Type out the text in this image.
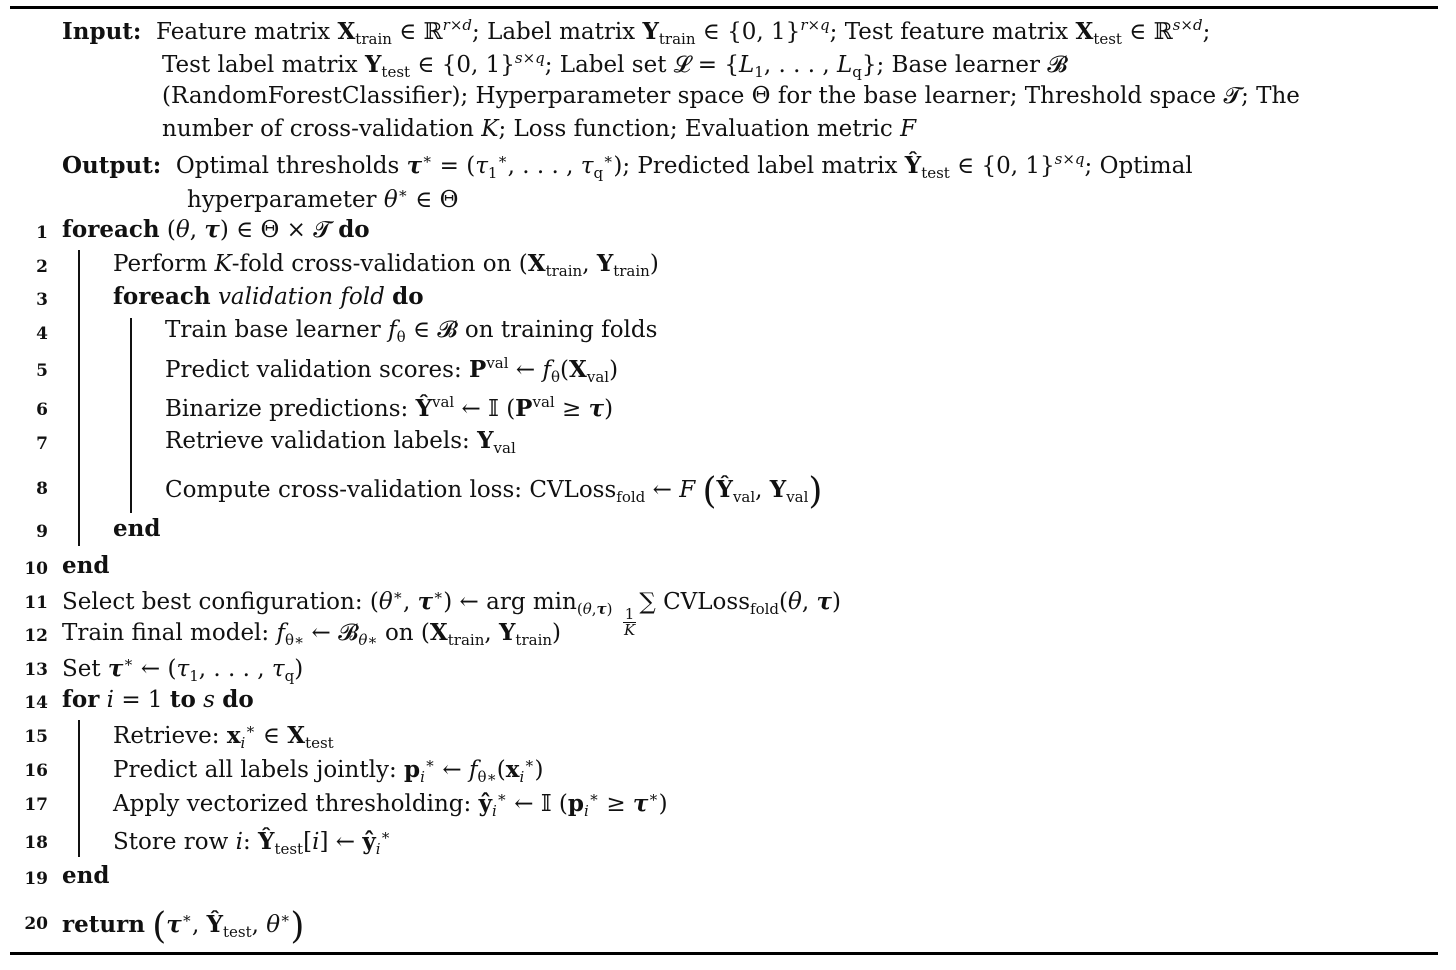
Input:  Feature matrix $X_{train}$ ∈ ℝ$^{r\times d}$; Label matrix $Y_{train}$ ∈ {0, 1}$^{r\times q}$; Test feature matrix $X_{test}$ ∈ ℝ$^{s\times d}$;
Test label matrix $Y_{test}$ ∈ {0, 1}$^{s\times q}$; Label set 𝓛 = {$L_1$, . . . , $L_q$}; Base learner 𝓑
(RandomForestClassifier); Hyperparameter space Θ for the base learner; Threshold space 𝓣; The
number of cross-validation K; Loss function; Evaluation metric F
Output:  Optimal thresholds $\tau^∗ = (\tau_1^∗$, . . . , $\tau_q^∗$); Predicted label matrix $Ŷ_{test}$ ∈ {0, 1}$^{s\times q}$; Optimal
hyperparameter θ∗ ∈ Θ
1 foreach (θ, τ) ∈ Θ × 𝓣 do
2	Perform K-fold cross-validation on ($X_{train}$, $Y_{train}$)
3	foreach validation fold do
4	Train base learner $f_\theta$ ∈ 𝓑 on training folds
5	Predict validation scores: $P^{val}$ ← $f_\theta(X_{val})$
6	Binarize predictions: $Ŷ^{val}$ ← 𝕀 $(P^{val} \ge \tau)$
7	Retrieve validation labels: $Y_{val}$
8	Compute cross-validation loss: CVLoss$_{fold}$ ← F ($Ŷ_{val}$, $Y_{val}$)
9	end
10 end
11 Select best configuration: (θ∗, τ∗) ← arg $\min_{(\theta,\tau)} \frac{1}{K}$
∑ CVLoss$_{fold}$(θ, τ)
12 Train final model: $f_{\theta∗}$ ← 𝓑$_{\theta∗}$ on ($X_{train}$, $Y_{train}$)
13 Set τ∗ ← ($\tau_1$, . . . , $\tau_q$)
14 for i = 1 to s do
15	Retrieve: $x_i^∗$ ∈ $X_{test}$
16	Predict all labels jointly: $p_i^∗$ ← $f_{\theta∗}(x_i^∗)$
17	Apply vectorized thresholding: $ŷ_i^∗$ ← 𝕀 $(p_i^∗ \ge \tau^∗)$
18	Store row i: $Ŷ_{test}[i]$ ← $ŷ_i^∗$
19 end
20 return (τ∗, $Ŷ_{test}$, θ∗)
